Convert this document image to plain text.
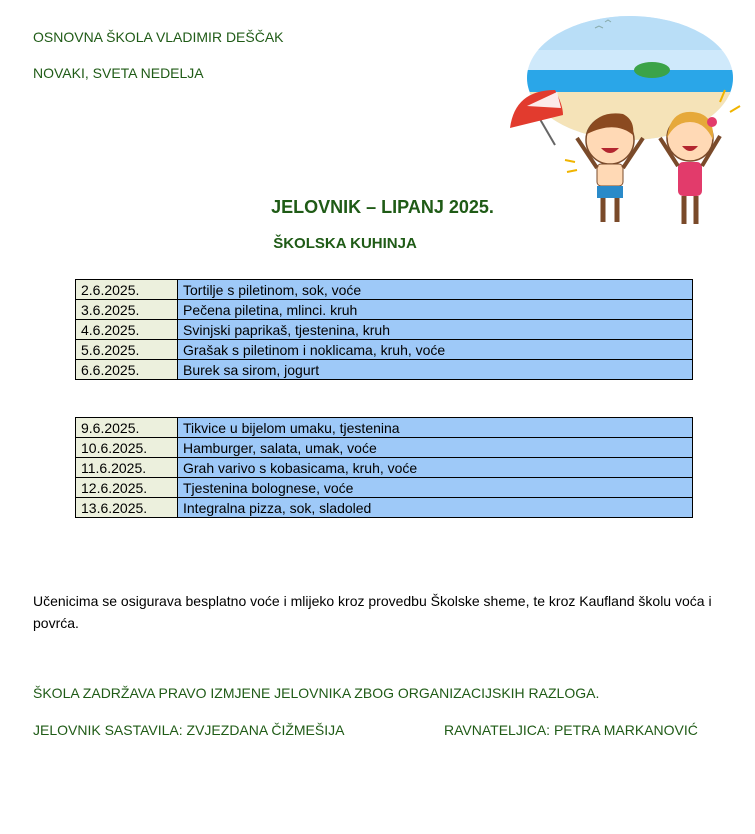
OSNOVNA ŠKOLA VLADIMIR DEŠČAK
NOVAKI, SVETA NEDELJA
JELOVNIK – LIPANJ 2025.
ŠKOLSKA KUHINJA
2.6.2025.	Tortilje s piletinom, sok, voće
3.6.2025.	Pečena piletina, mlinci. kruh
4.6.2025.	Svinjski paprikaš, tjestenina, kruh
5.6.2025.	Grašak s piletinom i noklicama, kruh, voće
6.6.2025.	Burek sa sirom, jogurt
9.6.2025.	Tikvice u bijelom umaku, tjestenina
10.6.2025.	Hamburger, salata, umak, voće
11.6.2025.	Grah varivo s kobasicama, kruh, voće
12.6.2025.	Tjestenina bolognese, voće
13.6.2025.	Integralna pizza, sok, sladoled
Učenicima se osigurava besplatno voće i mlijeko kroz provedbu Školske sheme, te kroz Kaufland školu voća i povrća.
ŠKOLA ZADRŽAVA PRAVO IZMJENE JELOVNIKA ZBOG ORGANIZACIJSKIH RAZLOGA.
JELOVNIK SASTAVILA: ZVJEZDANA ČIŽMEŠIJA	RAVNATELJICA: PETRA MARKANOVIĆ
